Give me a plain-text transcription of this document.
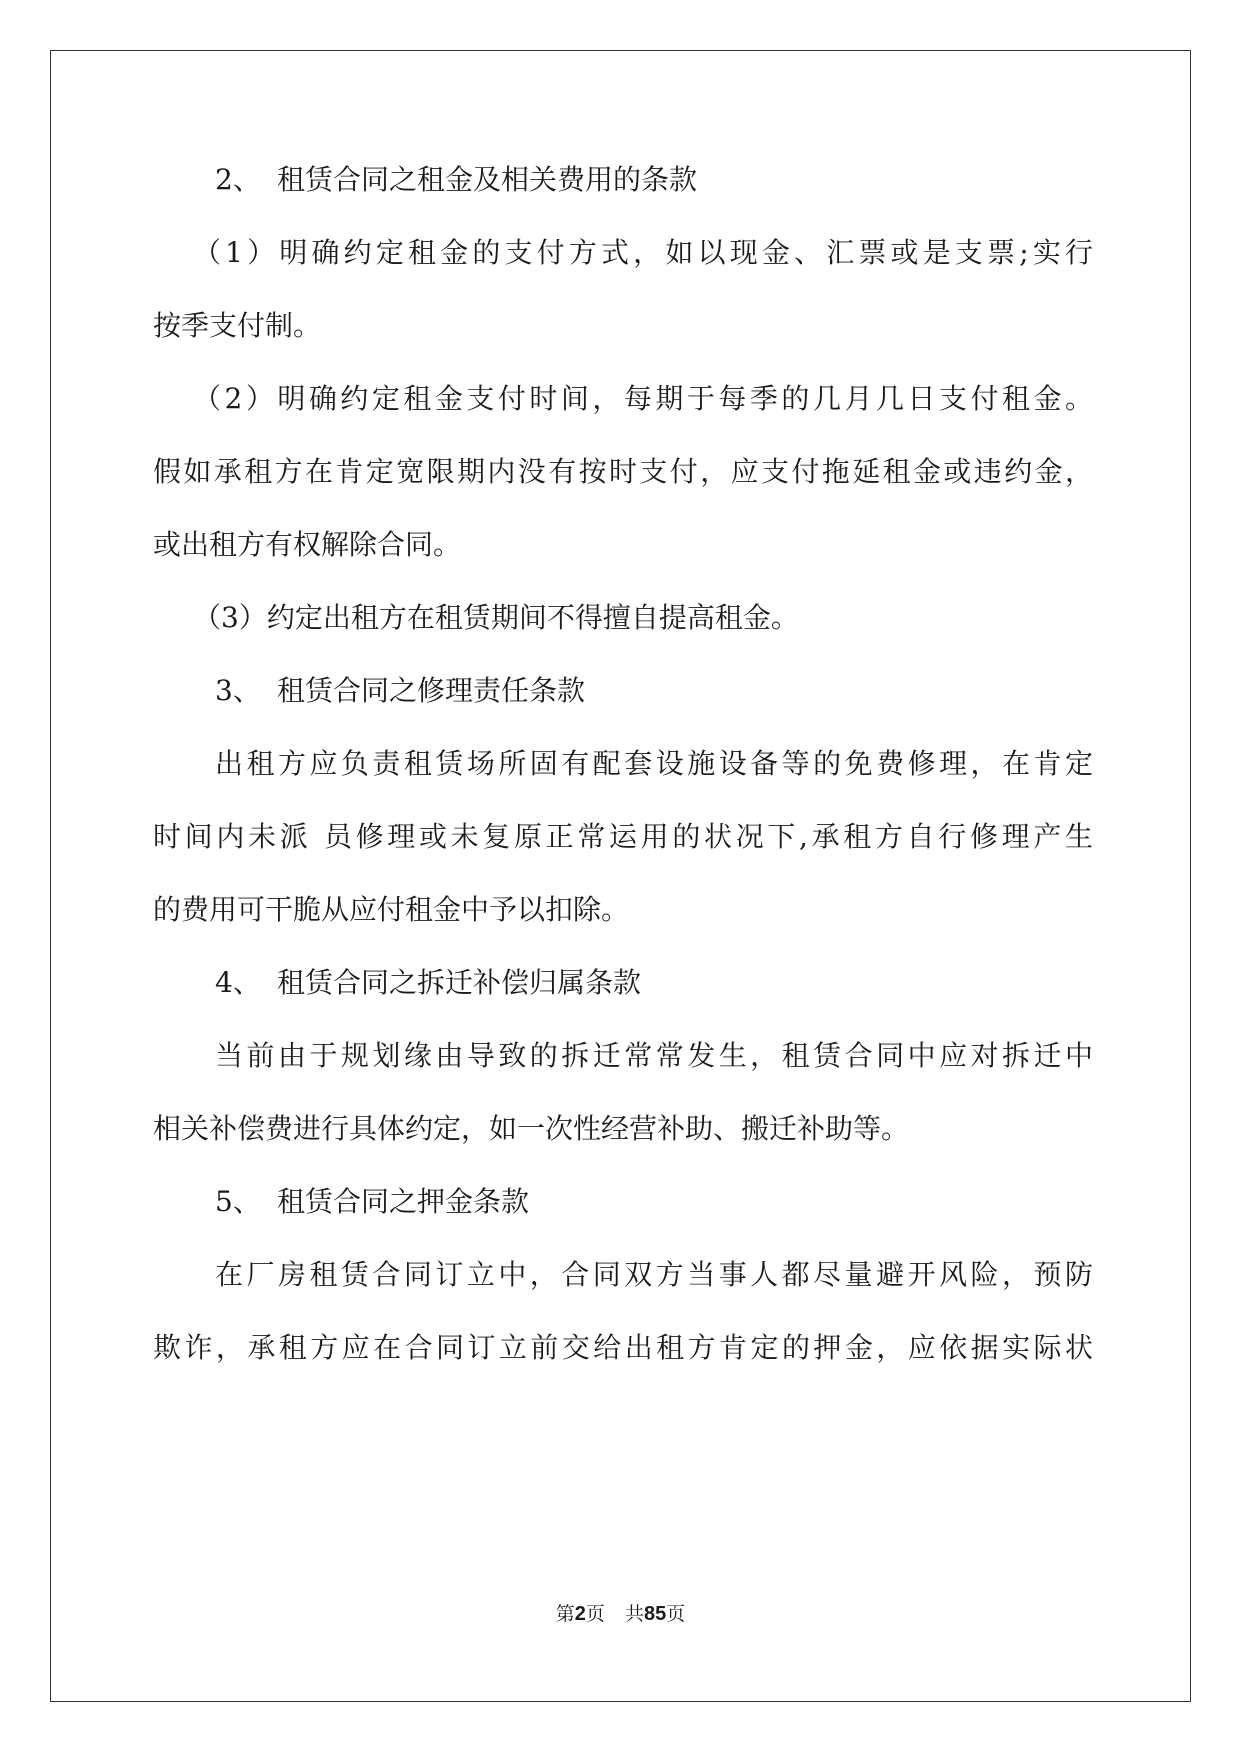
2、 租赁合同之租金及相关费用的条款
（1）明确约定租金的支付方式，如以现金、汇票或是支票;实行
按季支付制。
（2）明确约定租金支付时间，每期于每季的几月几日支付租金。
假如承租方在肯定宽限期内没有按时支付，应支付拖延租金或违约金，
或出租方有权解除合同。
（3）约定出租方在租赁期间不得擅自提高租金。
3、 租赁合同之修理责任条款
出租方应负责租赁场所固有配套设施设备等的免费修理，在肯定
时间内未派 员修理或未复原正常运用的状况下,承租方自行修理产生
的费用可干脆从应付租金中予以扣除。
4、 租赁合同之拆迁补偿归属条款
当前由于规划缘由导致的拆迁常常发生，租赁合同中应对拆迁中
相关补偿费进行具体约定，如一次性经营补助、搬迁补助等。
5、 租赁合同之押金条款
在厂房租赁合同订立中，合同双方当事人都尽量避开风险，预防
欺诈，承租方应在合同订立前交给出租方肯定的押金，应依据实际状
第2页 共85页
